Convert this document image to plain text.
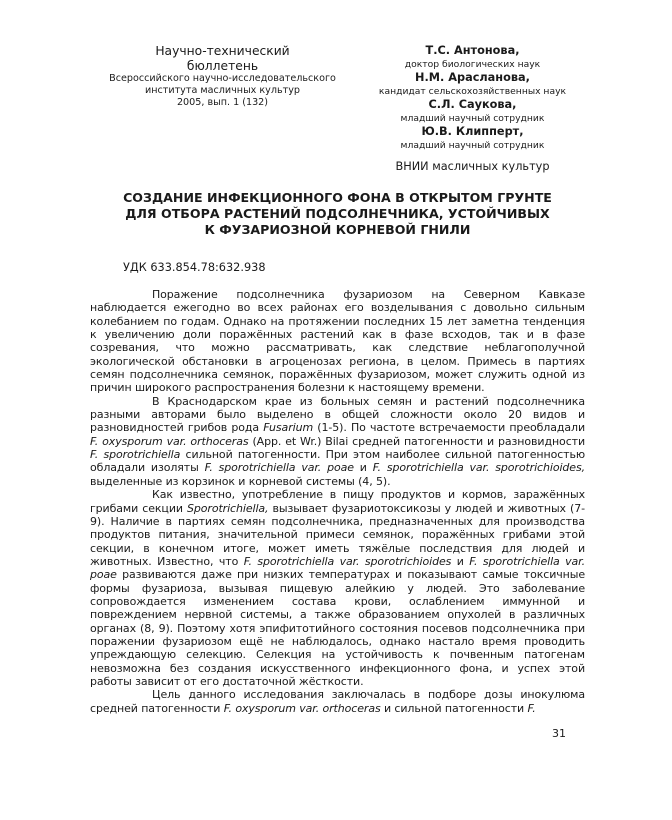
Научно-технический
бюллетень
Всероссийского научно-исследовательского
института масличных культур
2005, вып. 1 (132)
Т.С. Антонова,
доктор биологических наук
Н.М. Арасланова,
кандидат сельскохозяйственных наук
С.Л. Саукова,
младший научный сотрудник
Ю.В. Клипперт,
младший научный сотрудник
ВНИИ масличных культур
СОЗДАНИЕ ИНФЕКЦИОННОГО ФОНА В ОТКРЫТОМ ГРУНТЕ
ДЛЯ ОТБОРА РАСТЕНИЙ ПОДСОЛНЕЧНИКА, УСТОЙЧИВЫХ
К ФУЗАРИОЗНОЙ КОРНЕВОЙ ГНИЛИ
УДК 633.854.78:632.938

Поражение подсолнечника фузариозом на Северном Кавказе наблюдается ежегодно во всех районах его возделывания с довольно сильным колебанием по годам. Однако на протяжении последних 15 лет заметна тенденция к увеличению доли поражённых растений как в фазе всходов, так и в фазе созревания, что можно рассматривать, как следствие неблагополучной экологической обстановки в агроценозах региона, в целом. Примесь в партиях семян подсолнечника семянок, поражённых фузариозом, может служить одной из причин широкого распространения болезни к настоящему времени.

В Краснодарском крае из больных семян и растений подсолнечника разными авторами было выделено в общей сложности около 20 видов и разновидностей грибов рода Fusarium (1-5). По частоте встречаемости преобладали F. oxysporum var. orthoceras (App. et Wr.) Bilai средней патогенности и разновидности F. sporotrichiella сильной патогенности. При этом наиболее сильной патогенностью обладали изоляты F. sporotrichiella var. poae и F. sporotrichiella var. sporotrichioides, выделенные из корзинок и корневой системы (4, 5).

Как известно, употребление в пищу продуктов и кормов, заражённых грибами секции Sporotrichiella, вызывает фузариотоксикозы у людей и животных (7-9). Наличие в партиях семян подсолнечника, предназначенных для производства продуктов питания, значительной примеси семянок, поражённых грибами этой секции, в конечном итоге, может иметь тяжёлые последствия для людей и животных. Известно, что F. sporotrichiella var. sporotrichioides и F. sporotrichiella var. poae развиваются даже при низких температурах и показывают самые токсичные формы фузариоза, вызывая пищевую алейкию у людей. Это заболевание сопровождается изменением состава крови, ослаблением иммунной и повреждением нервной системы, а также образованием опухолей в различных органах (8, 9). Поэтому хотя эпифитотийного состояния посевов подсолнечника при поражении фузариозом ещё не наблюдалось, однако настало время проводить упреждающую селекцию. Селекция на устойчивость к почвенным патогенам невозможна без создания искусственного инфекционного фона, и успех этой работы зависит от его достаточной жёсткости.

Цель данного исследования заключалась в подборе дозы инокулюма средней патогенности F. oxysporum var. orthoceras и сильной патогенности F.

31
